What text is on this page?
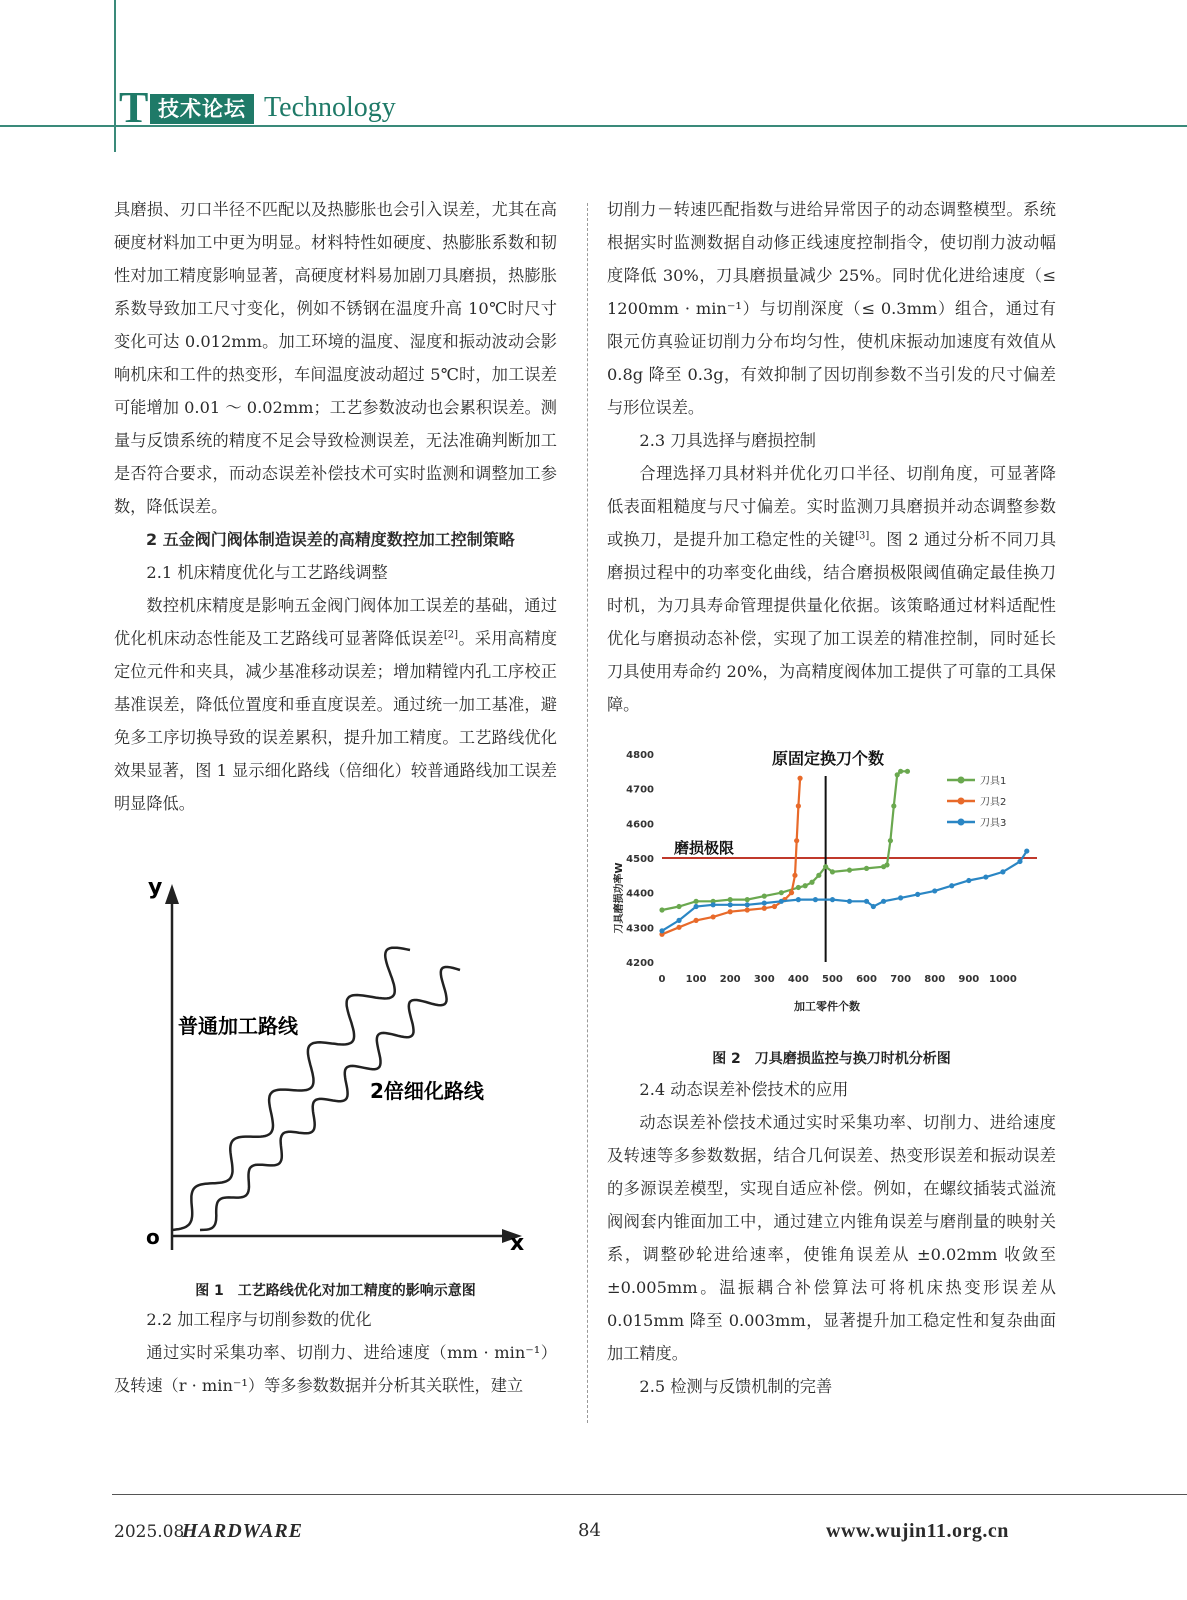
T 技术论坛 Technology

具磨损、刃口半径不匹配以及热膨胀也会引入误差，尤其在高硬度材料加工中更为明显。材料特性如硬度、热膨胀系数和韧性对加工精度影响显著，高硬度材料易加剧刀具磨损，热膨胀系数导致加工尺寸变化，例如不锈钢在温度升高 10℃时尺寸变化可达 0.012mm。加工环境的温度、湿度和振动波动会影响机床和工件的热变形，车间温度波动超过 5℃时，加工误差可能增加 0.01 ～ 0.02mm；工艺参数波动也会累积误差。测量与反馈系统的精度不足会导致检测误差，无法准确判断加工是否符合要求，而动态误差补偿技术可实时监测和调整加工参数，降低误差。

2 五金阀门阀体制造误差的高精度数控加工控制策略

2.1 机床精度优化与工艺路线调整

数控机床精度是影响五金阀门阀体加工误差的基础，通过优化机床动态性能及工艺路线可显著降低误差[2]。采用高精度定位元件和夹具，减少基准移动误差；增加精镗内孔工序校正基准误差，降低位置度和垂直度误差。通过统一加工基准，避免多工序切换导致的误差累积，提升加工精度。工艺路线优化效果显著，图 1 显示细化路线（倍细化）较普通路线加工误差明显降低。

y
x
o
普通加工路线
2倍细化路线
图 1　工艺路线优化对加工精度的影响示意图

2.2 加工程序与切削参数的优化

通过实时采集功率、切削力、进给速度（mm · min⁻¹）及转速（r · min⁻¹）等多参数数据并分析其关联性，建立

切削力－转速匹配指数与进给异常因子的动态调整模型。系统根据实时监测数据自动修正线速度控制指令，使切削力波动幅度降低 30%，刀具磨损量减少 25%。同时优化进给速度（≤ 1200mm · min⁻¹）与切削深度（≤ 0.3mm）组合，通过有限元仿真验证切削力分布均匀性，使机床振动加速度有效值从 0.8g 降至 0.3g，有效抑制了因切削参数不当引发的尺寸偏差与形位误差。

2.3 刀具选择与磨损控制

合理选择刀具材料并优化刃口半径、切削角度，可显著降低表面粗糙度与尺寸偏差。实时监测刀具磨损并动态调整参数或换刀，是提升加工稳定性的关键[3]。图 2 通过分析不同刀具磨损过程中的功率变化曲线，结合磨损极限阈值确定最佳换刀时机，为刀具寿命管理提供量化依据。该策略通过材料适配性优化与磨损动态补偿，实现了加工误差的精准控制，同时延长刀具使用寿命约 20%，为高精度阀体加工提供了可靠的工具保障。

磨损极限
原固定换刀个数
加工零件个数
刀具磨损功率W
4200
4300
4400
4500
4600
4700
4800
0 100 200 300 400 500 600 700 800 900 1000
刀具1
刀具2
刀具3
图 2　刀具磨损监控与换刀时机分析图

2.4 动态误差补偿技术的应用

动态误差补偿技术通过实时采集功率、切削力、进给速度及转速等多参数数据，结合几何误差、热变形误差和振动误差的多源误差模型，实现自适应补偿。例如，在螺纹插装式溢流阀阀套内锥面加工中，通过建立内锥角误差与磨削量的映射关系，调整砂轮进给速率，使锥角误差从 ±0.02mm 收敛至 ±0.005mm。温振耦合补偿算法可将机床热变形误差从 0.015mm 降至 0.003mm，显著提升加工稳定性和复杂曲面加工精度。

2.5 检测与反馈机制的完善

2025.08
HARDWARE	84	www.wujin11.org.cn
